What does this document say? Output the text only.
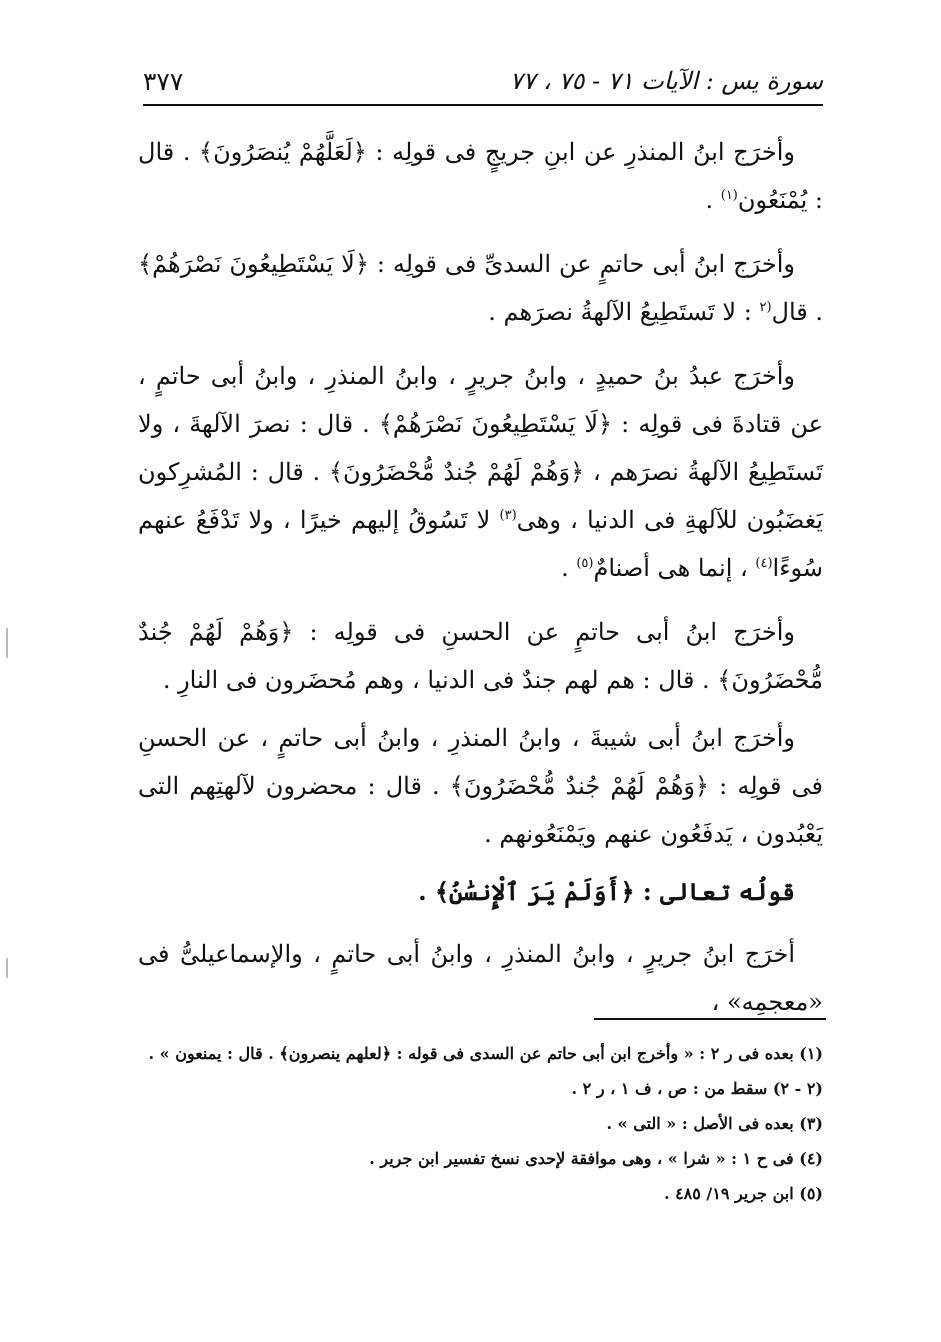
سورة يس : الآيات ٧١ - ٧٥ ، ٧٧
٣٧٧

وأخرَج ابنُ المنذرِ عن ابنِ جريجٍ فى قولِه : ﴿لَعَلَّهُمْ يُنصَرُونَ﴾ . قال : يُمْنَعُون$^{(١)}$ .

وأخرَج ابنُ أبى حاتمٍ عن السدىِّ فى قولِه : ﴿لَا يَسْتَطِيعُونَ نَصْرَهُمْ﴾ . قال$^{(٢}$ : لا تَستَطِيعُ الآلهةُ نصرَهم .

وأخرَج عبدُ بنُ حميدٍ ، وابنُ جريرٍ ، وابنُ المنذرِ ، وابنُ أبى حاتمٍ ، عن قتادةَ فى قولِه : ﴿لَا يَسْتَطِيعُونَ نَصْرَهُمْ﴾ . قال : نصرَ الآلهةَ ، ولا تَستَطِيعُ الآلهةُ نصرَهم ، ﴿وَهُمْ لَهُمْ جُندٌ مُّحْضَرُونَ﴾ . قال : المُشرِكون يَغضَبُون للآلهةِ فى الدنيا ، وهى$^{(٣)}$ لا تَسُوقُ إليهم خيرًا ، ولا تَدْفَعُ عنهم سُوءًا$^{(٤)}$ ، إنما هى أصنامٌ$^{(٥)}$ .

وأخرَج ابنُ أبى حاتمٍ عن الحسنِ فى قولِه : ﴿وَهُمْ لَهُمْ جُندٌ مُّحْضَرُونَ﴾ . قال : هم لهم جندٌ فى الدنيا ، وهم مُحضَرون فى النارِ .

وأخرَج ابنُ أبى شيبةَ ، وابنُ المنذرِ ، وابنُ أبى حاتمٍ ، عن الحسنِ فى قولِه : ﴿وَهُمْ لَهُمْ جُندٌ مُّحْضَرُونَ﴾ . قال : محضرون لآلهتِهم التى يَعْبُدون ، يَدفَعُون عنهم ويَمْنَعُونهم .

قولُه تعالى : ﴿أَوَلَمْ يَرَ ٱلْإِنسَٰنُ﴾ .

أخرَج ابنُ جريرٍ ، وابنُ المنذرِ ، وابنُ أبى حاتمٍ ، والإسماعيلىُّ فى «معجمِه» ،

(١) بعده فى ر ٢ : « وأخرج ابن أبى حاتم عن السدى فى قوله : ﴿لعلهم ينصرون﴾ . قال : يمنعون » .

(٢ - ٢) سقط من : ص ، ف ١ ، ر ٢ .

(٣) بعده فى الأصل : « التى » .

(٤) فى ح ١ : « شرا » ، وهى موافقة لإحدى نسخ تفسير ابن جرير .

(٥) ابن جرير ١٩/ ٤٨٥ .
